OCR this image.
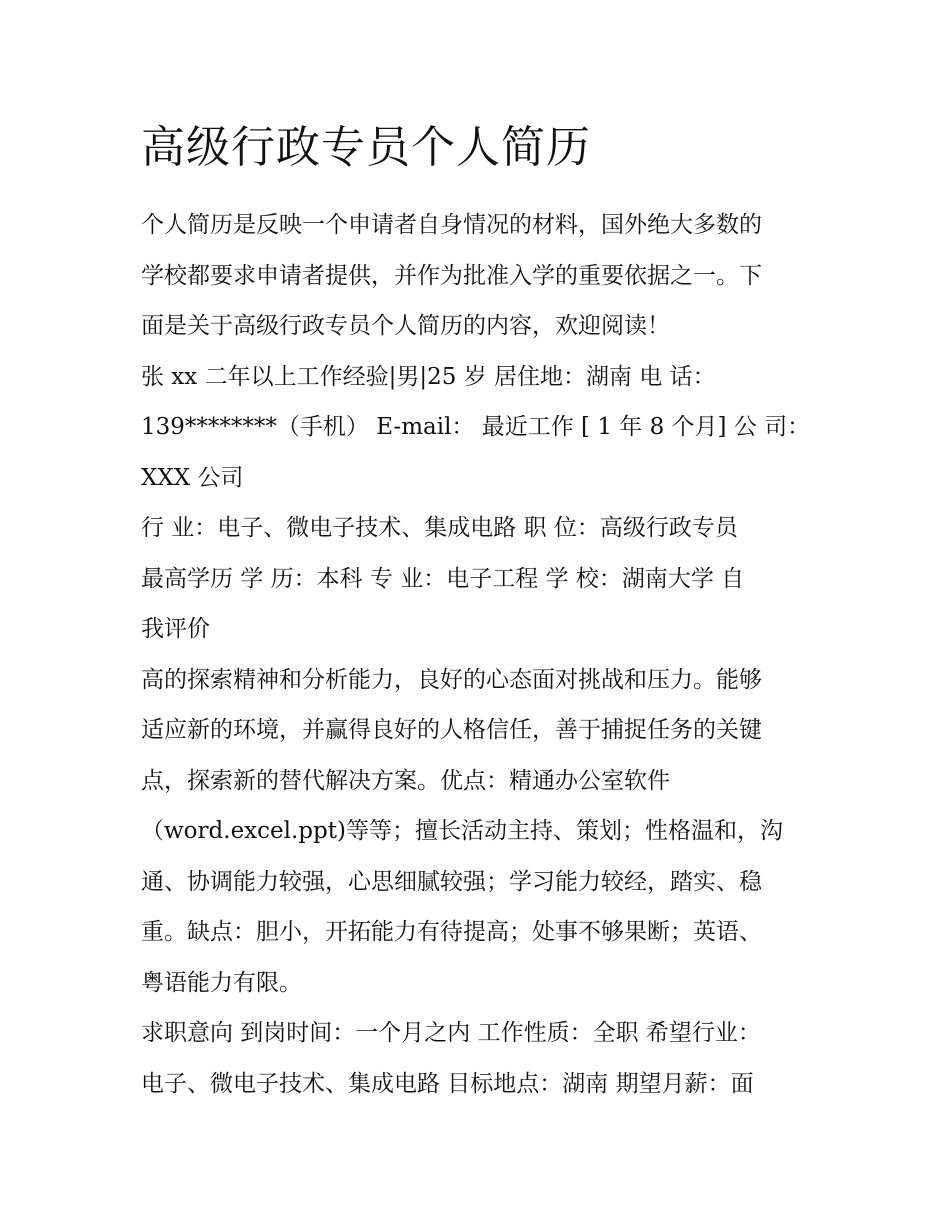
高级行政专员个人简历
个人简历是反映一个申请者自身情况的材料，国外绝大多数的
学校都要求申请者提供，并作为批准入学的重要依据之一。下
面是关于高级行政专员个人简历的内容，欢迎阅读！
张 xx 二年以上工作经验|男|25 岁 居住地：湖南 电 话：
139********（手机） E-mail： 最近工作 [ 1 年 8 个月] 公 司：
XXX 公司
行 业：电子、微电子技术、集成电路 职 位：高级行政专员
最高学历 学 历：本科 专 业：电子工程 学 校：湖南大学 自
我评价
高的探索精神和分析能力，良好的心态面对挑战和压力。能够
适应新的环境，并赢得良好的人格信任，善于捕捉任务的关键
点，探索新的替代解决方案。优点：精通办公室软件
（word.excel.ppt)等等；擅长活动主持、策划；性格温和，沟
通、协调能力较强，心思细腻较强；学习能力较经，踏实、稳
重。缺点：胆小，开拓能力有待提高；处事不够果断；英语、
粤语能力有限。
求职意向 到岗时间：一个月之内 工作性质：全职 希望行业：
电子、微电子技术、集成电路 目标地点：湖南 期望月薪：面
